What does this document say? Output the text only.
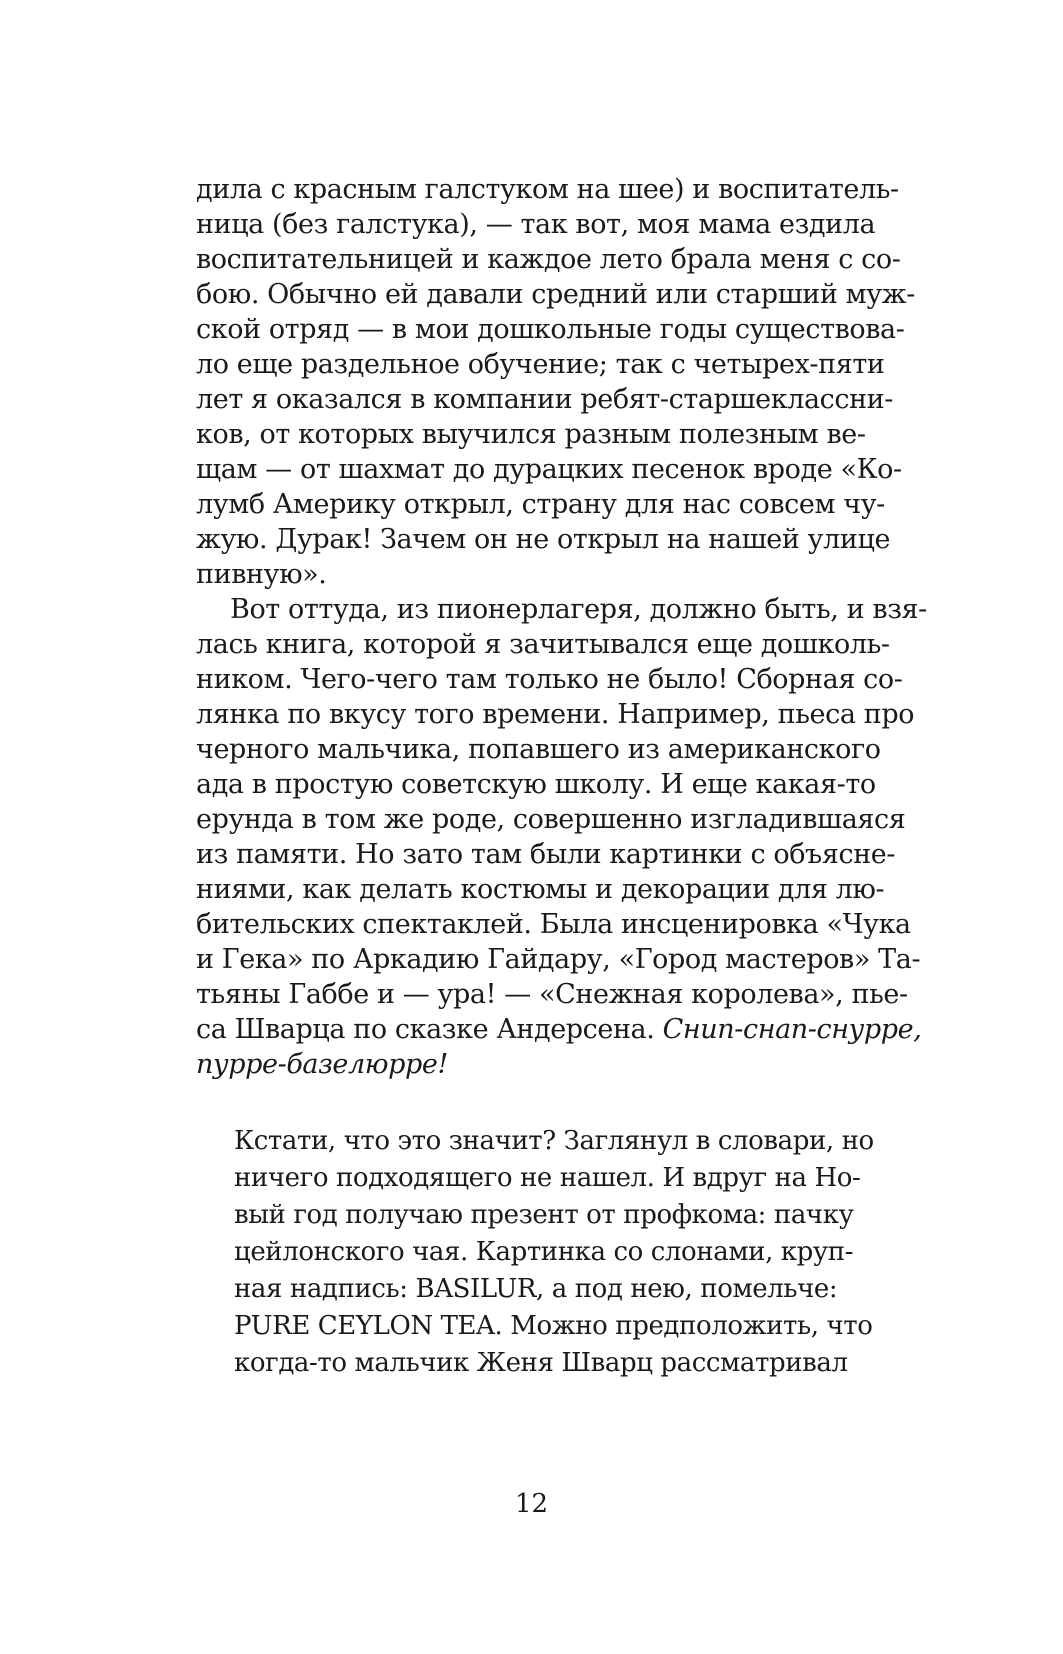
дила с красным галстуком на шее) и воспитатель-
ница (без галстука), — так вот, моя мама ездила
воспитательницей и каждое лето брала меня с со-
бою. Обычно ей давали средний или старший муж-
ской отряд — в мои дошкольные годы существова-
ло еще раздельное обучение; так с четырех-пяти
лет я оказался в компании ребят-старшеклассни-
ков, от которых выучился разным полезным ве-
щам — от шахмат до дурацких песенок вроде «Ко-
лумб Америку открыл, страну для нас совсем чу-
жую. Дурак! Зачем он не открыл на нашей улице
пивную».
Вот оттуда, из пионерлагеря, должно быть, и взя-
лась книга, которой я зачитывался еще дошколь-
ником. Чего-чего там только не было! Сборная со-
лянка по вкусу того времени. Например, пьеса про
черного мальчика, попавшего из американского
ада в простую советскую школу. И еще какая-то
ерунда в том же роде, совершенно изгладившаяся
из памяти. Но зато там были картинки с объясне-
ниями, как делать костюмы и декорации для лю-
бительских спектаклей. Была инсценировка «Чука
и Гека» по Аркадию Гайдару, «Город мастеров» Та-
тьяны Габбе и — ура! — «Снежная королева», пье-
са Шварца по сказке Андерсена. Снип-снап-снурре,
пурре-базелюрре!
Кстати, что это значит? Заглянул в словари, но
ничего подходящего не нашел. И вдруг на Но-
вый год получаю презент от профкома: пачку
цейлонского чая. Картинка со слонами, круп-
ная надпись: BASILUR, а под нею, помельче:
PURE CEYLON TEA. Можно предположить, что
когда-то мальчик Женя Шварц рассматривал
12
